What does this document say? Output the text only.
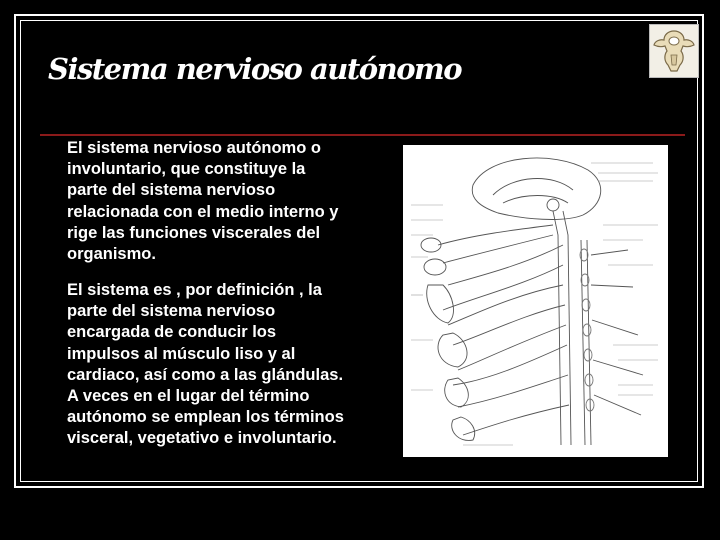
Sistema nervioso autónomo

El sistema nervioso autónomo o involuntario, que constituye la parte del sistema nervioso relacionada con el medio interno y rige las funciones viscerales del organismo.

El sistema es , por definición , la parte del sistema nervioso encargada de conducir los impulsos al músculo liso y al cardiaco, así como a las glándulas. A veces en el lugar del término autónomo se emplean los términos visceral, vegetativo e involuntario.
